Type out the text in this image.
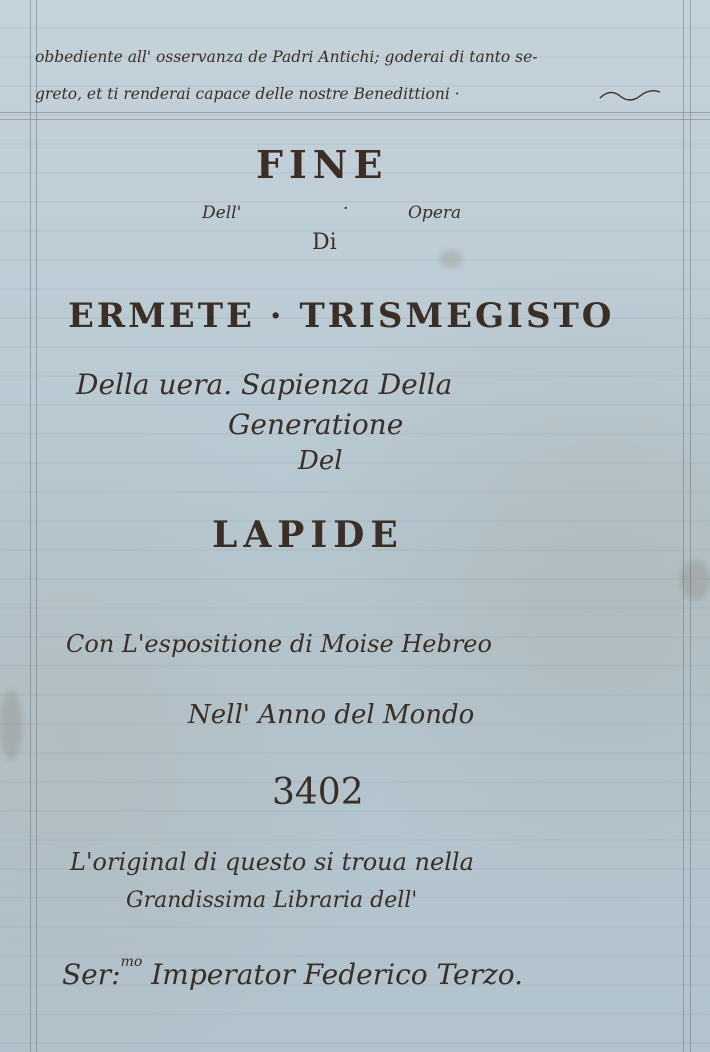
obbediente all' osservanza de Padri Antichi; goderai di tanto se-
greto, et ti renderai capace delle nostre Benedittioni ·
FINE
Dell'	·	Opera
Di
ERMETE · TRISMEGISTO
Della uera. Sapienza Della
Generatione
Del
LAPIDE
Con L'espositione di Moise Hebreo
Nell' Anno del Mondo
3402
L'original di questo si troua nella
Grandissima Libraria dell'
Ser:$^{mo}$ Imperator Federico Terzo.
